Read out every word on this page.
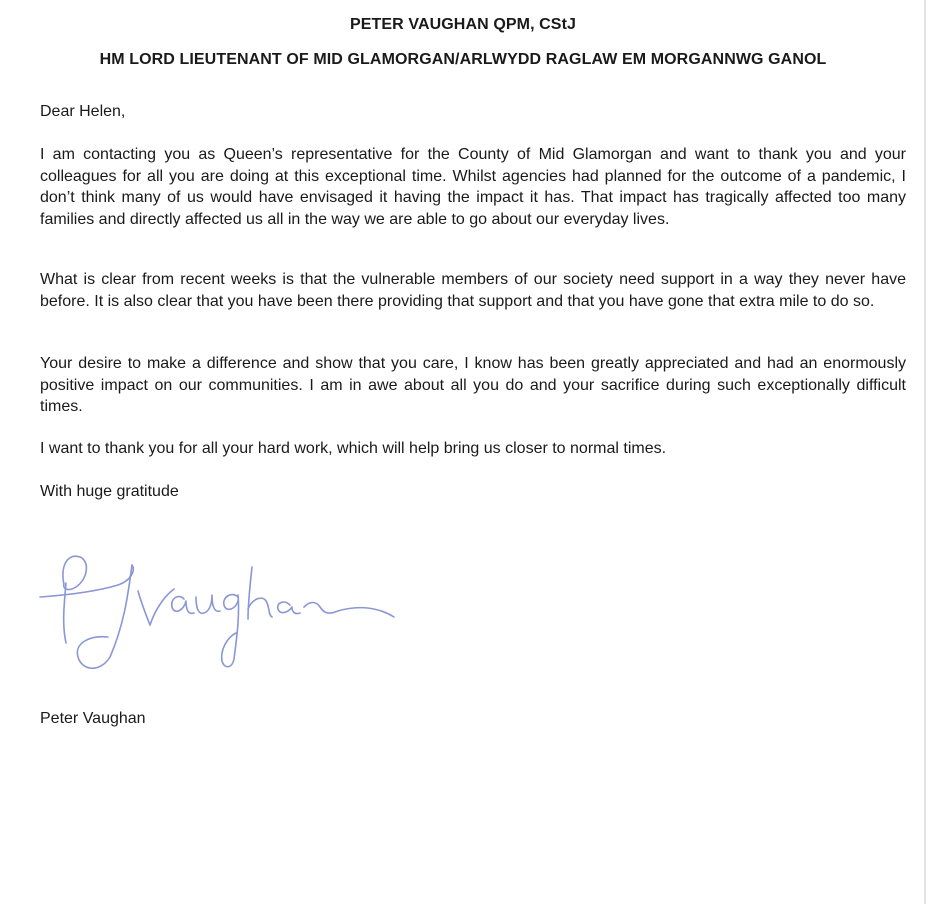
PETER VAUGHAN QPM, CStJ
HM LORD LIEUTENANT OF MID GLAMORGAN/ARLWYDD RAGLAW EM MORGANNWG GANOL
Dear Helen,

I am contacting you as Queen’s representative for the County of Mid Glamorgan and want to thank you and your colleagues for all you are doing at this exceptional time. Whilst agencies had planned for the outcome of a pandemic, I don’t think many of us would have envisaged it having the impact it has. That impact has tragically affected too many families and directly affected us all in the way we are able to go about our everyday lives.

What is clear from recent weeks is that the vulnerable members of our society need support in a way they never have before. It is also clear that you have been there providing that support and that you have gone that extra mile to do so.

Your desire to make a difference and show that you care, I know has been greatly appreciated and had an enormously positive impact on our communities. I am in awe about all you do and your sacrifice during such exceptionally difficult times.

I want to thank you for all your hard work, which will help bring us closer to normal times.

With huge gratitude
Peter Vaughan
